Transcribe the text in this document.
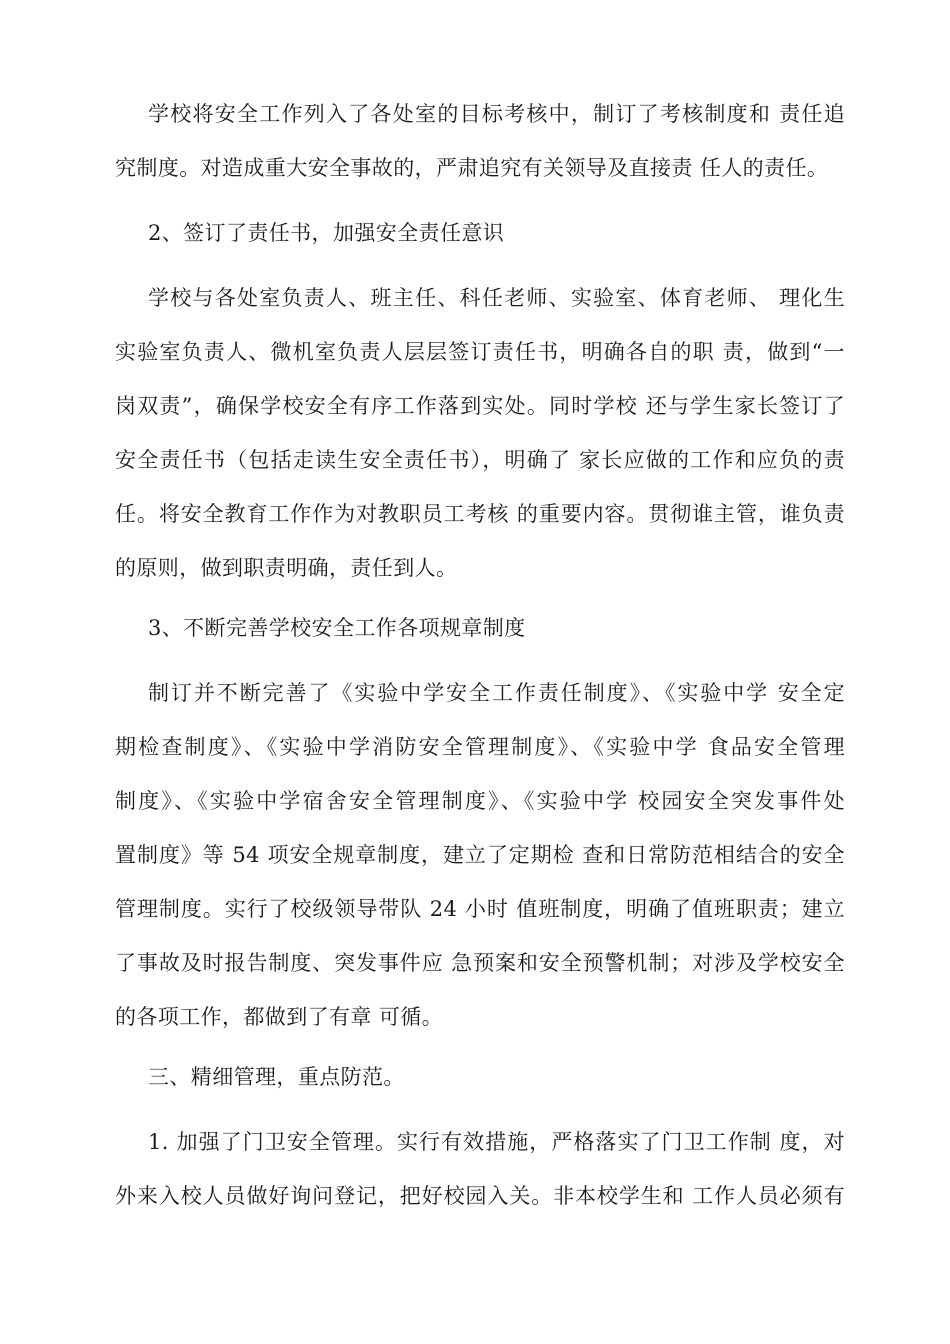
学校将安全工作列入了各处室的目标考核中，制订了考核制度和 责任追
究制度。对造成重大安全事故的，严肃追究有关领导及直接责 任人的责任。
2、签订了责任书，加强安全责任意识
学校与各处室负责人、班主任、科任老师、实验室、体育老师、 理化生
实验室负责人、微机室负责人层层签订责任书，明确各自的职 责，做到“一
岗双责”，确保学校安全有序工作落到实处。同时学校 还与学生家长签订了
安全责任书（包括走读生安全责任书），明确了 家长应做的工作和应负的责
任。将安全教育工作作为对教职员工考核 的重要内容。贯彻谁主管，谁负责
的原则，做到职责明确，责任到人。
3、不断完善学校安全工作各项规章制度
制订并不断完善了《实验中学安全工作责任制度》、《实验中学 安全定
期检查制度》、《实验中学消防安全管理制度》、《实验中学 食品安全管理
制度》、《实验中学宿舍安全管理制度》、《实验中学 校园安全突发事件处
置制度》等 54 项安全规章制度，建立了定期检 查和日常防范相结合的安全
管理制度。实行了校级领导带队 24 小时 值班制度，明确了值班职责；建立
了事故及时报告制度、突发事件应 急预案和安全预警机制；对涉及学校安全
的各项工作，都做到了有章 可循。
三、精细管理，重点防范。
1. 加强了门卫安全管理。实行有效措施，严格落实了门卫工作制 度，对
外来入校人员做好询问登记，把好校园入关。非本校学生和 工作人员必须有
